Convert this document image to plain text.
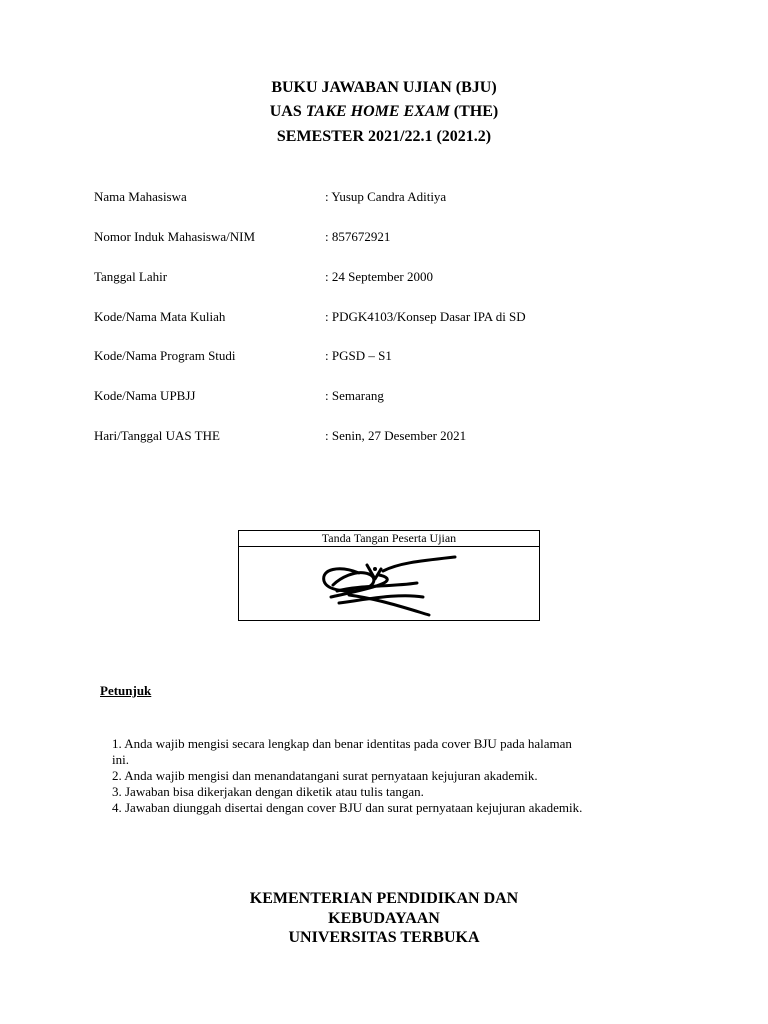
BUKU JAWABAN UJIAN (BJU)
UAS TAKE HOME EXAM (THE)
SEMESTER 2021/22.1 (2021.2)
Nama Mahasiswa	: Yusup Candra Aditiya
Nomor Induk Mahasiswa/NIM	: 857672921
Tanggal Lahir	: 24 September 2000
Kode/Nama Mata Kuliah	: PDGK4103/Konsep Dasar IPA di SD
Kode/Nama Program Studi	: PGSD – S1
Kode/Nama UPBJJ	: Semarang
Hari/Tanggal UAS THE	: Senin, 27 Desember 2021
Tanda Tangan Peserta Ujian
Petunjuk
1. Anda wajib mengisi secara lengkap dan benar identitas pada cover BJU pada halaman
ini.
2. Anda wajib mengisi dan menandatangani surat pernyataan kejujuran akademik.
3. Jawaban bisa dikerjakan dengan diketik atau tulis tangan.
4. Jawaban diunggah disertai dengan cover BJU dan surat pernyataan kejujuran akademik.
KEMENTERIAN PENDIDIKAN DAN
KEBUDAYAAN
UNIVERSITAS TERBUKA
